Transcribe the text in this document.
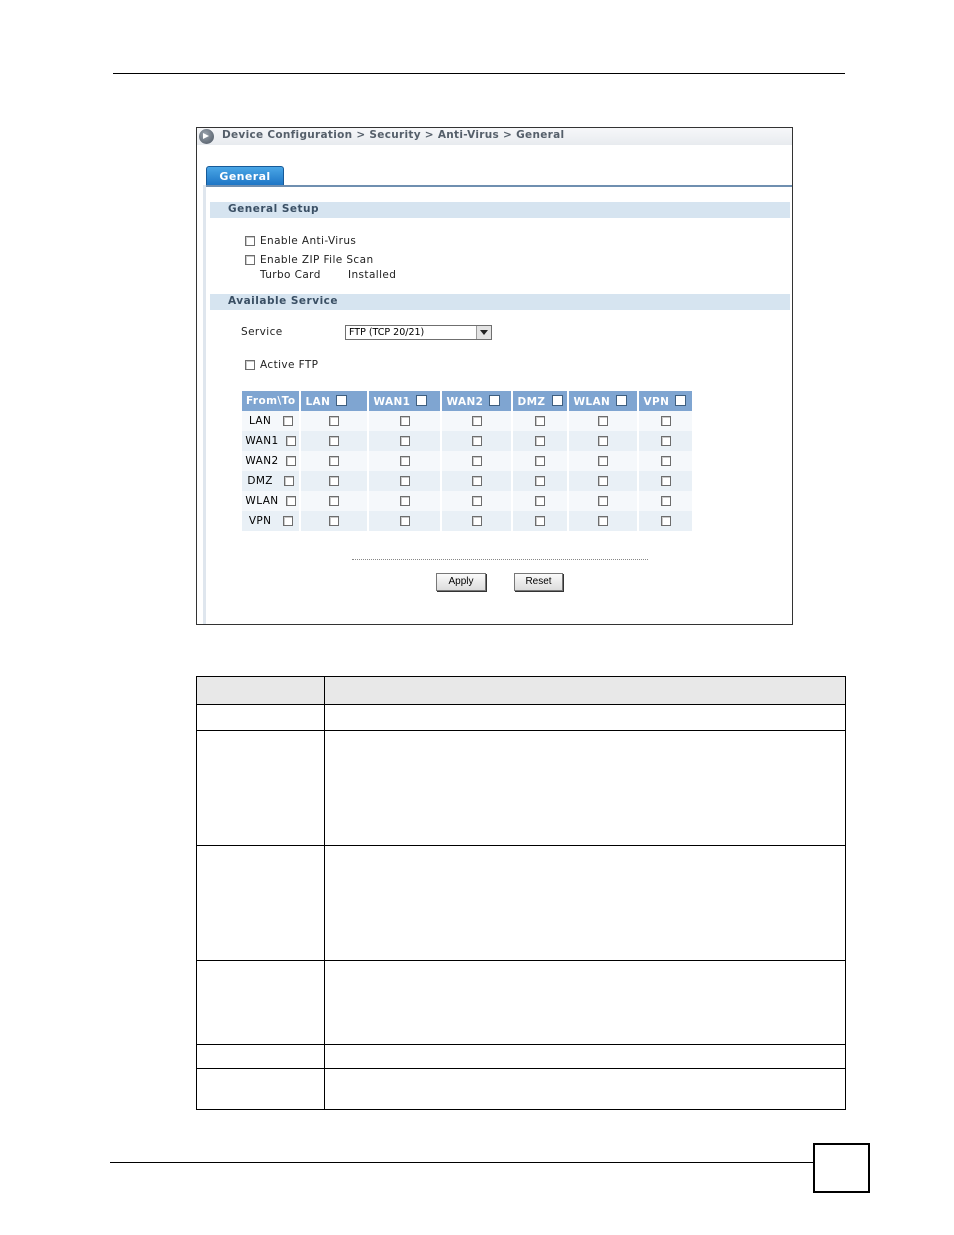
Device Configuration > Security > Anti-Virus > General
General
General Setup
Enable Anti-Virus
Enable ZIP File Scan
Turbo Card	Installed
Available Service
Service	FTP (TCP 20/21)
Active FTP
From\To	LAN	WAN1	WAN2	DMZ	WLAN	VPN
LAN						
WAN1						
WAN2						
DMZ						
WLAN						
VPN						
Apply	Reset
